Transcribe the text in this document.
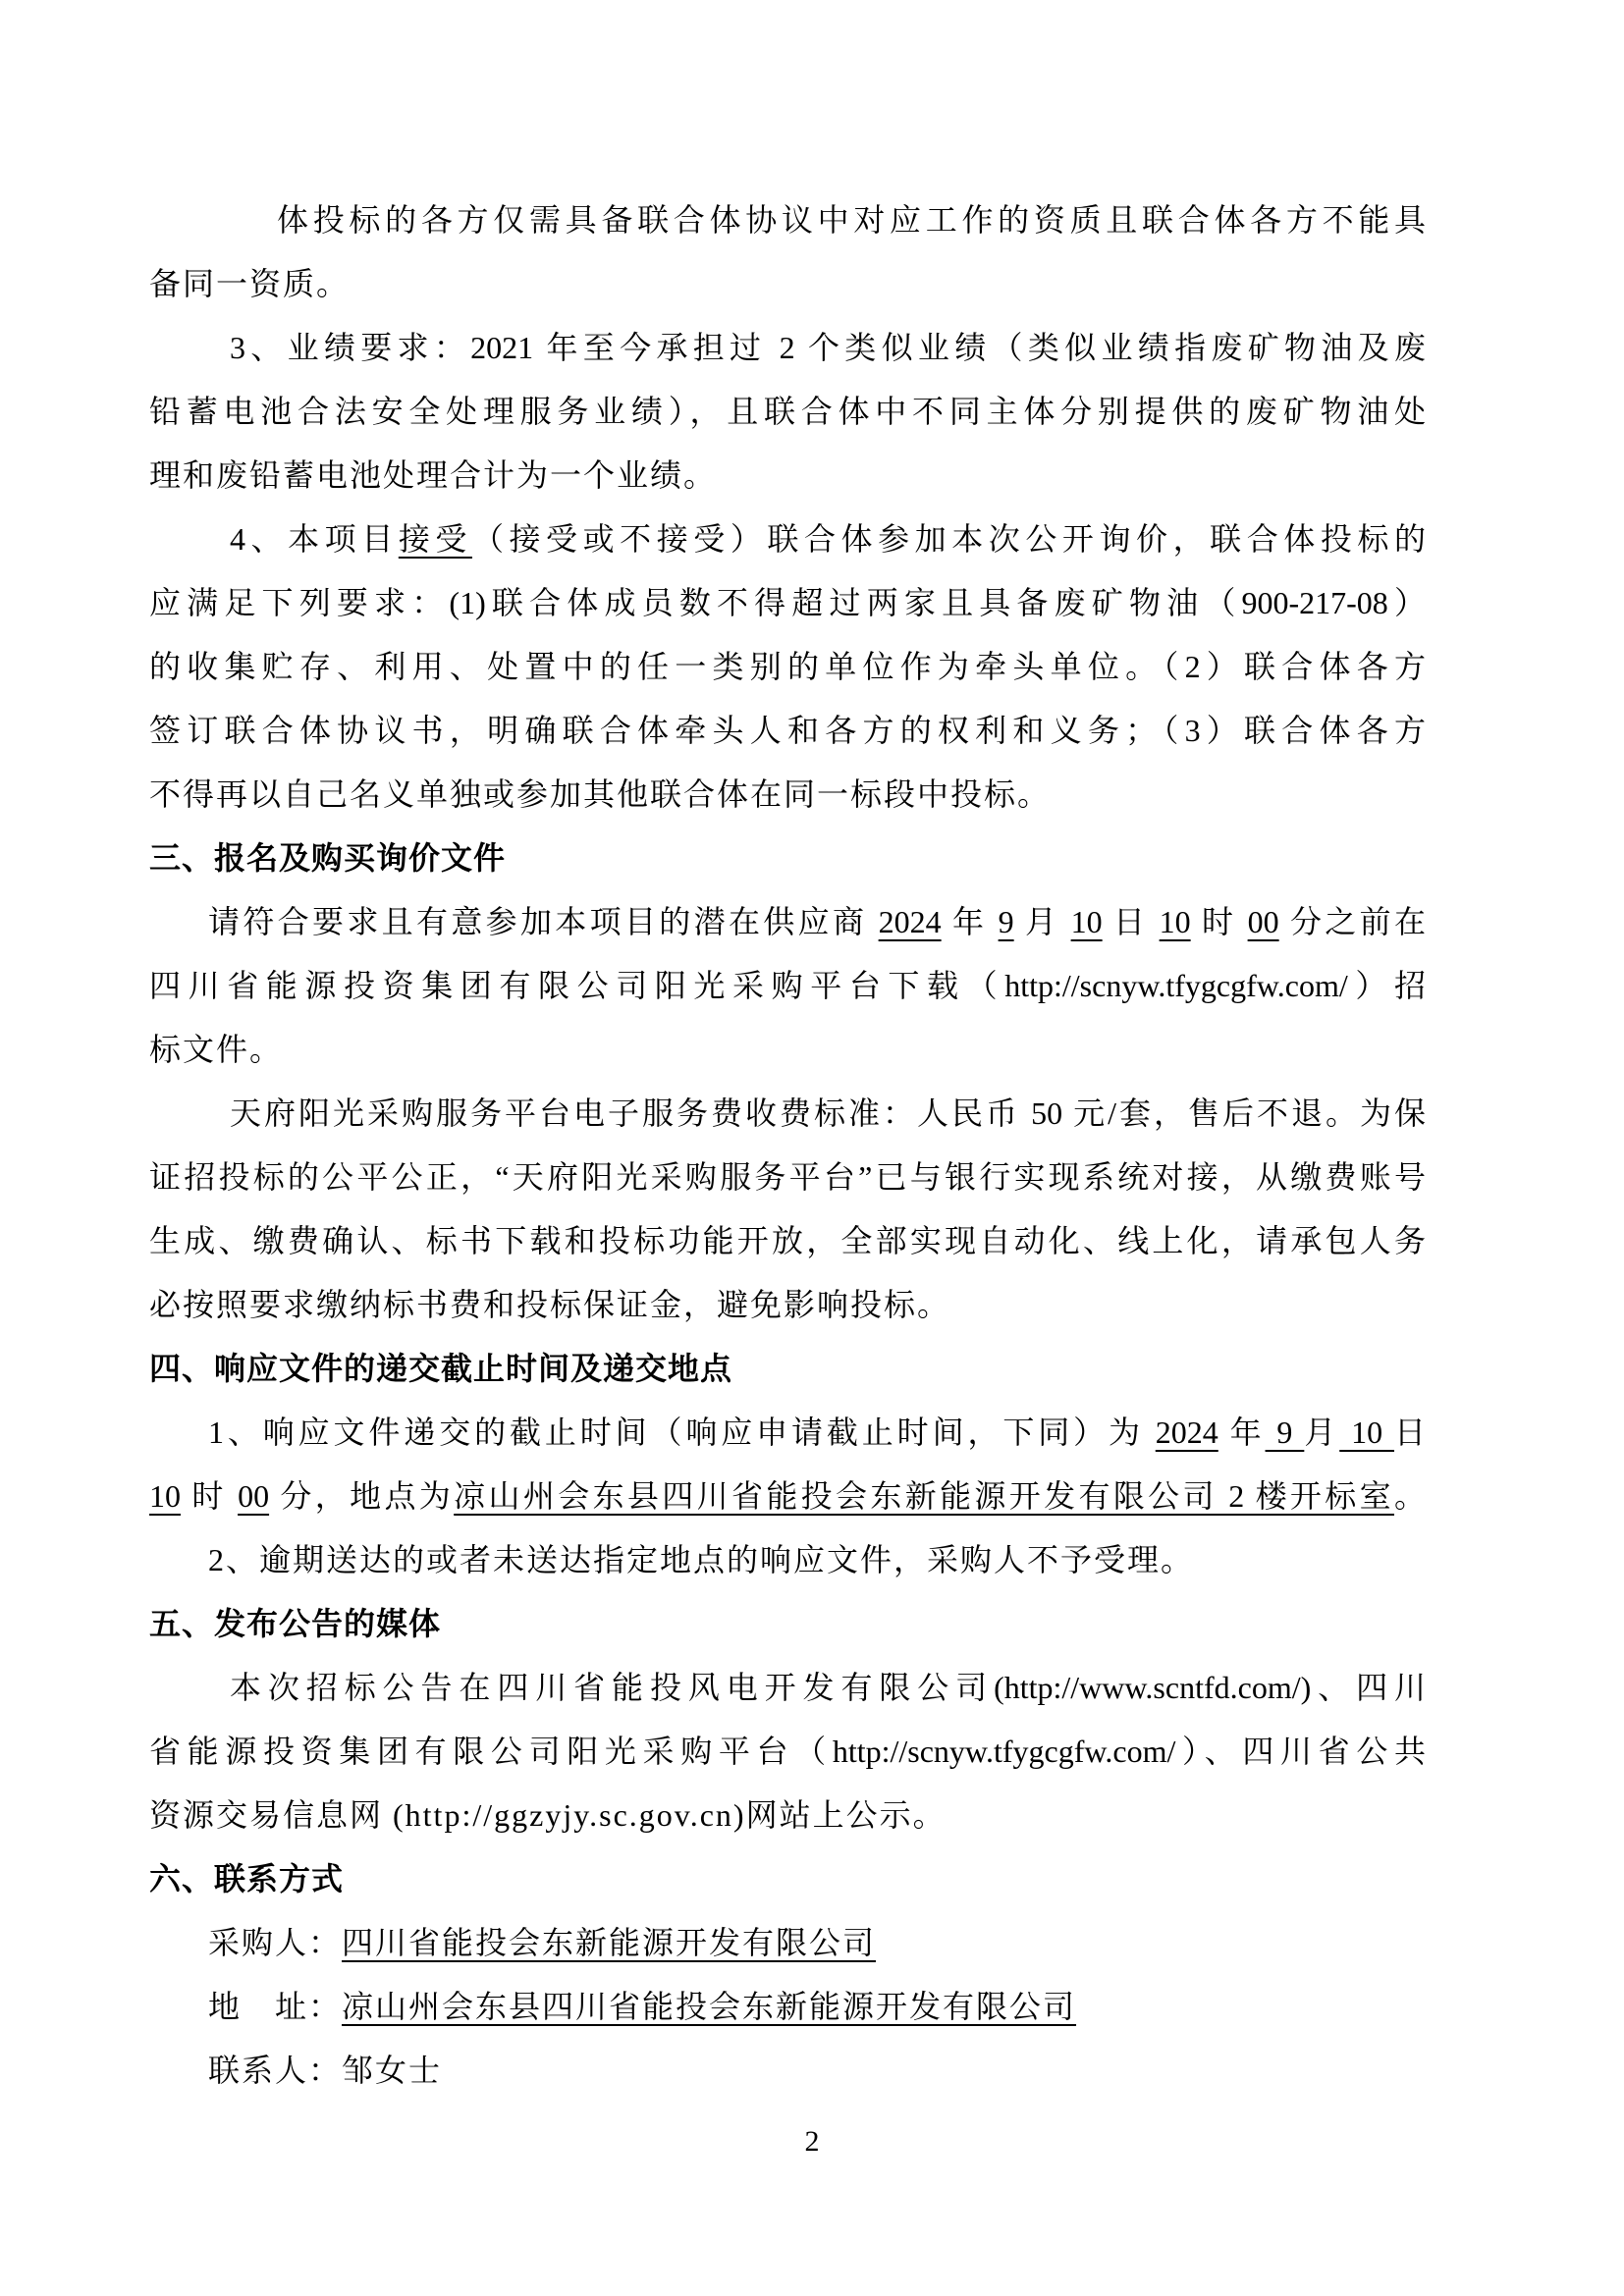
体投标的各方仅需具备联合体协议中对应工作的资质且联合体各方不能具
备同一资质。
3、业绩要求：2021 年至今承担过 2 个类似业绩（类似业绩指废矿物油及废
铅蓄电池合法安全处理服务业绩），且联合体中不同主体分别提供的废矿物油处
理和废铅蓄电池处理合计为一个业绩。
4、本项目接受（接受或不接受）联合体参加本次公开询价，联合体投标的
应满足下列要求：(1)联合体成员数不得超过两家且具备废矿物油（900-217-08）
的收集贮存、利用、处置中的任一类别的单位作为牵头单位。（2）联合体各方
签订联合体协议书，明确联合体牵头人和各方的权利和义务；（3）联合体各方
不得再以自己名义单独或参加其他联合体在同一标段中投标。
三、报名及购买询价文件
请符合要求且有意参加本项目的潜在供应商 2024 年 9 月 10 日 10 时 00 分之前在
四川省能源投资集团有限公司阳光采购平台下载（http://scnyw.tfygcgfw.com/）招
标文件。
天府阳光采购服务平台电子服务费收费标准：人民币 50 元/套，售后不退。为保
证招投标的公平公正，“天府阳光采购服务平台”已与银行实现系统对接，从缴费账号
生成、缴费确认、标书下载和投标功能开放，全部实现自动化、线上化，请承包人务
必按照要求缴纳标书费和投标保证金，避免影响投标。
四、响应文件的递交截止时间及递交地点
1、响应文件递交的截止时间（响应申请截止时间，下同）为 2024 年 9 月 10 日
10 时 00 分，地点为凉山州会东县四川省能投会东新能源开发有限公司 2 楼开标室。
2、逾期送达的或者未送达指定地点的响应文件，采购人不予受理。
五、发布公告的媒体
本次招标公告在四川省能投风电开发有限公司(http://www.scntfd.com/)、四川
省能源投资集团有限公司阳光采购平台（http://scnyw.tfygcgfw.com/）、四川省公共
资源交易信息网 (http://ggzyjy.sc.gov.cn)网站上公示。
六、联系方式
采购人：四川省能投会东新能源开发有限公司
地　址：凉山州会东县四川省能投会东新能源开发有限公司
联系人：邹女士
2
